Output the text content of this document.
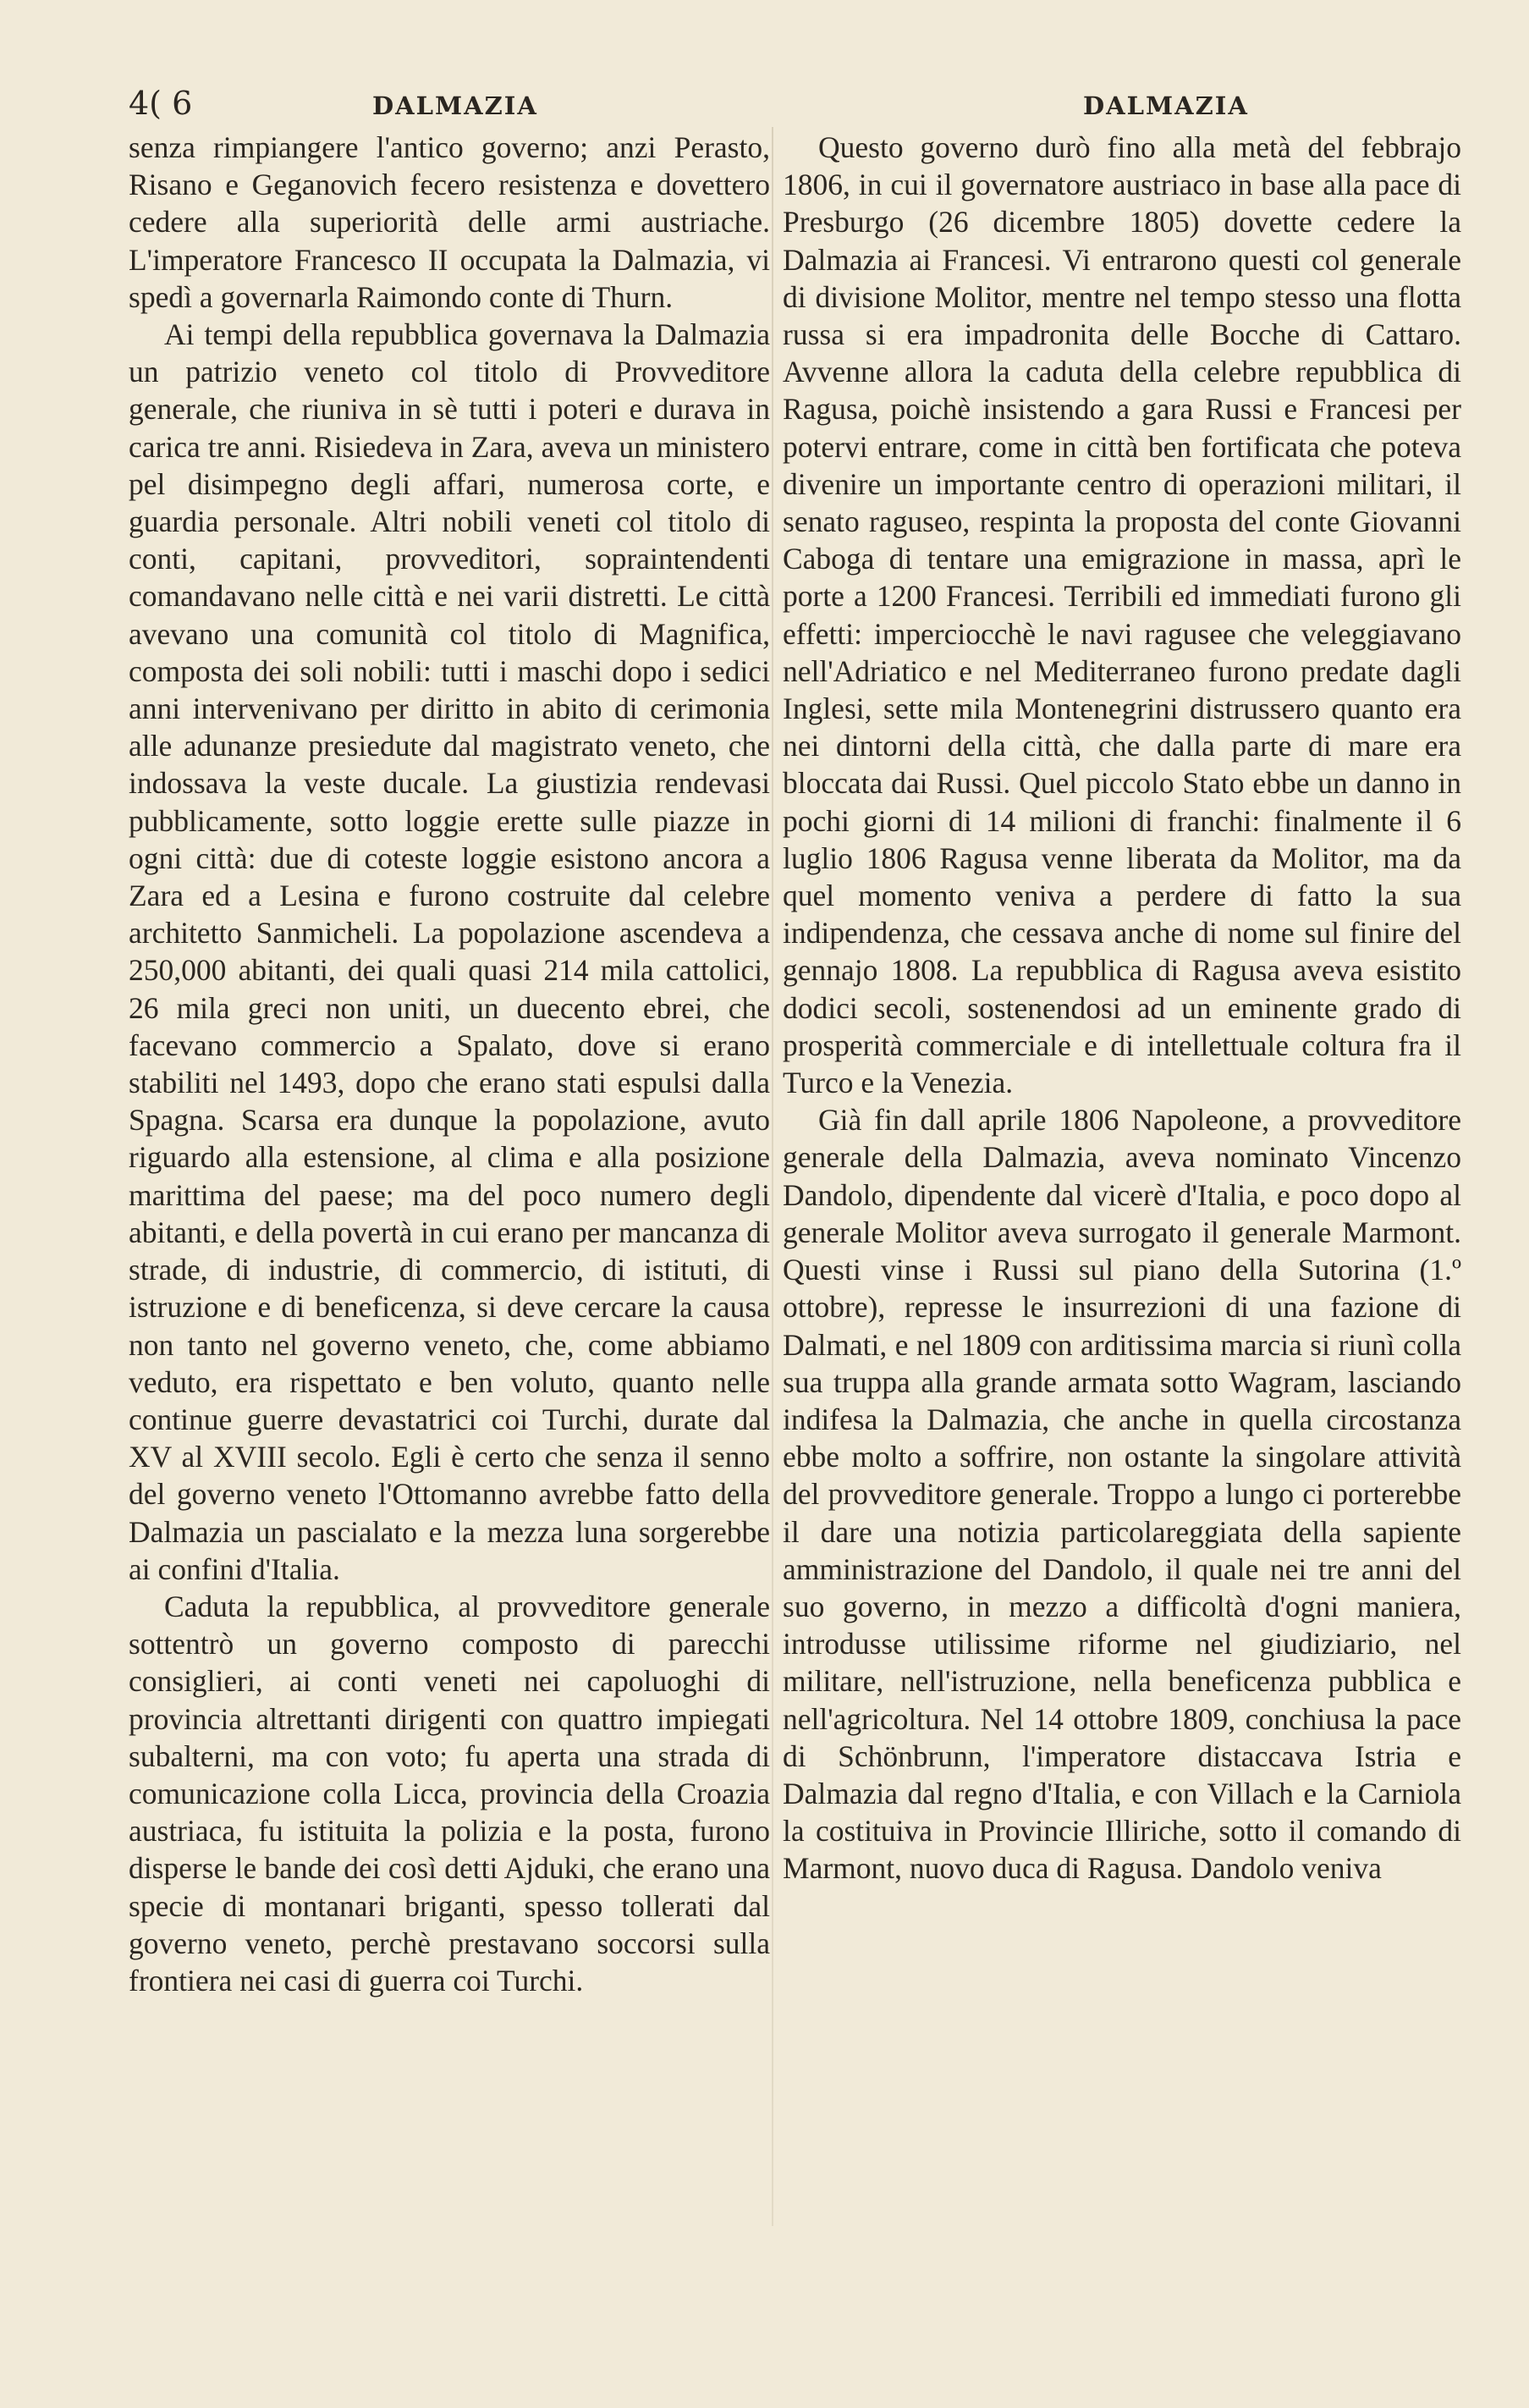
4( 6	DALMAZIA	DALMAZIA

senza rimpiangere l'antico governo; anzi Perasto, Risano e Geganovich fecero resistenza e dovettero cedere alla superiorità delle armi austriache. L'imperatore Francesco II occupata la Dalmazia, vi spedì a governarla Raimondo conte di Thurn.

Ai tempi della repubblica governava la Dalmazia un patrizio veneto col titolo di Provveditore generale, che riuniva in sè tutti i poteri e durava in carica tre anni. Risiedeva in Zara, aveva un ministero pel disimpegno degli affari, numerosa corte, e guardia personale. Altri nobili veneti col titolo di conti, capitani, provveditori, sopraintendenti comandavano nelle città e nei varii distretti. Le città avevano una comunità col titolo di Magnifica, composta dei soli nobili: tutti i maschi dopo i sedici anni intervenivano per diritto in abito di cerimonia alle adunanze presiedute dal magistrato veneto, che indossava la veste ducale. La giustizia rendevasi pubblicamente, sotto loggie erette sulle piazze in ogni città: due di coteste loggie esistono ancora a Zara ed a Lesina e furono costruite dal celebre architetto Sanmicheli. La popolazione ascendeva a 250,000 abitanti, dei quali quasi 214 mila cattolici, 26 mila greci non uniti, un duecento ebrei, che facevano commercio a Spalato, dove si erano stabiliti nel 1493, dopo che erano stati espulsi dalla Spagna. Scarsa era dunque la popolazione, avuto riguardo alla estensione, al clima e alla posizione marittima del paese; ma del poco numero degli abitanti, e della povertà in cui erano per mancanza di strade, di industrie, di commercio, di istituti, di istruzione e di beneficenza, si deve cercare la causa non tanto nel governo veneto, che, come abbiamo veduto, era rispettato e ben voluto, quanto nelle continue guerre devastatrici coi Turchi, durate dal XV al XVIII secolo. Egli è certo che senza il senno del governo veneto l'Ottomanno avrebbe fatto della Dalmazia un pascialato e la mezza luna sorgerebbe ai confini d'Italia.

Caduta la repubblica, al provveditore generale sottentrò un governo composto di parecchi consiglieri, ai conti veneti nei capoluoghi di provincia altrettanti dirigenti con quattro impiegati subalterni, ma con voto; fu aperta una strada di comunicazione colla Licca, provincia della Croazia austriaca, fu istituita la polizia e la posta, furono disperse le bande dei così detti Ajduki, che erano una specie di montanari briganti, spesso tollerati dal governo veneto, perchè prestavano soccorsi sulla frontiera nei casi di guerra coi Turchi.

Questo governo durò fino alla metà del febbrajo 1806, in cui il governatore austriaco in base alla pace di Presburgo (26 dicembre 1805) dovette cedere la Dalmazia ai Francesi. Vi entrarono questi col generale di divisione Molitor, mentre nel tempo stesso una flotta russa si era impadronita delle Bocche di Cattaro. Avvenne allora la caduta della celebre repubblica di Ragusa, poichè insistendo a gara Russi e Francesi per potervi entrare, come in città ben fortificata che poteva divenire un importante centro di operazioni militari, il senato raguseo, respinta la proposta del conte Giovanni Caboga di tentare una emigrazione in massa, aprì le porte a 1200 Francesi. Terribili ed immediati furono gli effetti: imperciocchè le navi ragusee che veleggiavano nell'Adriatico e nel Mediterraneo furono predate dagli Inglesi, sette mila Montenegrini distrussero quanto era nei dintorni della città, che dalla parte di mare era bloccata dai Russi. Quel piccolo Stato ebbe un danno in pochi giorni di 14 milioni di franchi: finalmente il 6 luglio 1806 Ragusa venne liberata da Molitor, ma da quel momento veniva a perdere di fatto la sua indipendenza, che cessava anche di nome sul finire del gennajo 1808. La repubblica di Ragusa aveva esistito dodici secoli, sostenendosi ad un eminente grado di prosperità commerciale e di intellettuale coltura fra il Turco e la Venezia.

Già fin dall aprile 1806 Napoleone, a provveditore generale della Dalmazia, aveva nominato Vincenzo Dandolo, dipendente dal vicerè d'Italia, e poco dopo al generale Molitor aveva surrogato il generale Marmont. Questi vinse i Russi sul piano della Sutorina (1.º ottobre), represse le insurrezioni di una fazione di Dalmati, e nel 1809 con arditissima marcia si riunì colla sua truppa alla grande armata sotto Wagram, lasciando indifesa la Dalmazia, che anche in quella circostanza ebbe molto a soffrire, non ostante la singolare attività del provveditore generale. Troppo a lungo ci porterebbe il dare una notizia particolareggiata della sapiente amministrazione del Dandolo, il quale nei tre anni del suo governo, in mezzo a difficoltà d'ogni maniera, introdusse utilissime riforme nel giudiziario, nel militare, nell'istruzione, nella beneficenza pubblica e nell'agricoltura. Nel 14 ottobre 1809, conchiusa la pace di Schönbrunn, l'imperatore distaccava Istria e Dalmazia dal regno d'Italia, e con Villach e la Carniola la costituiva in Provincie Illiriche, sotto il comando di Marmont, nuovo duca di Ragusa. Dandolo veniva
